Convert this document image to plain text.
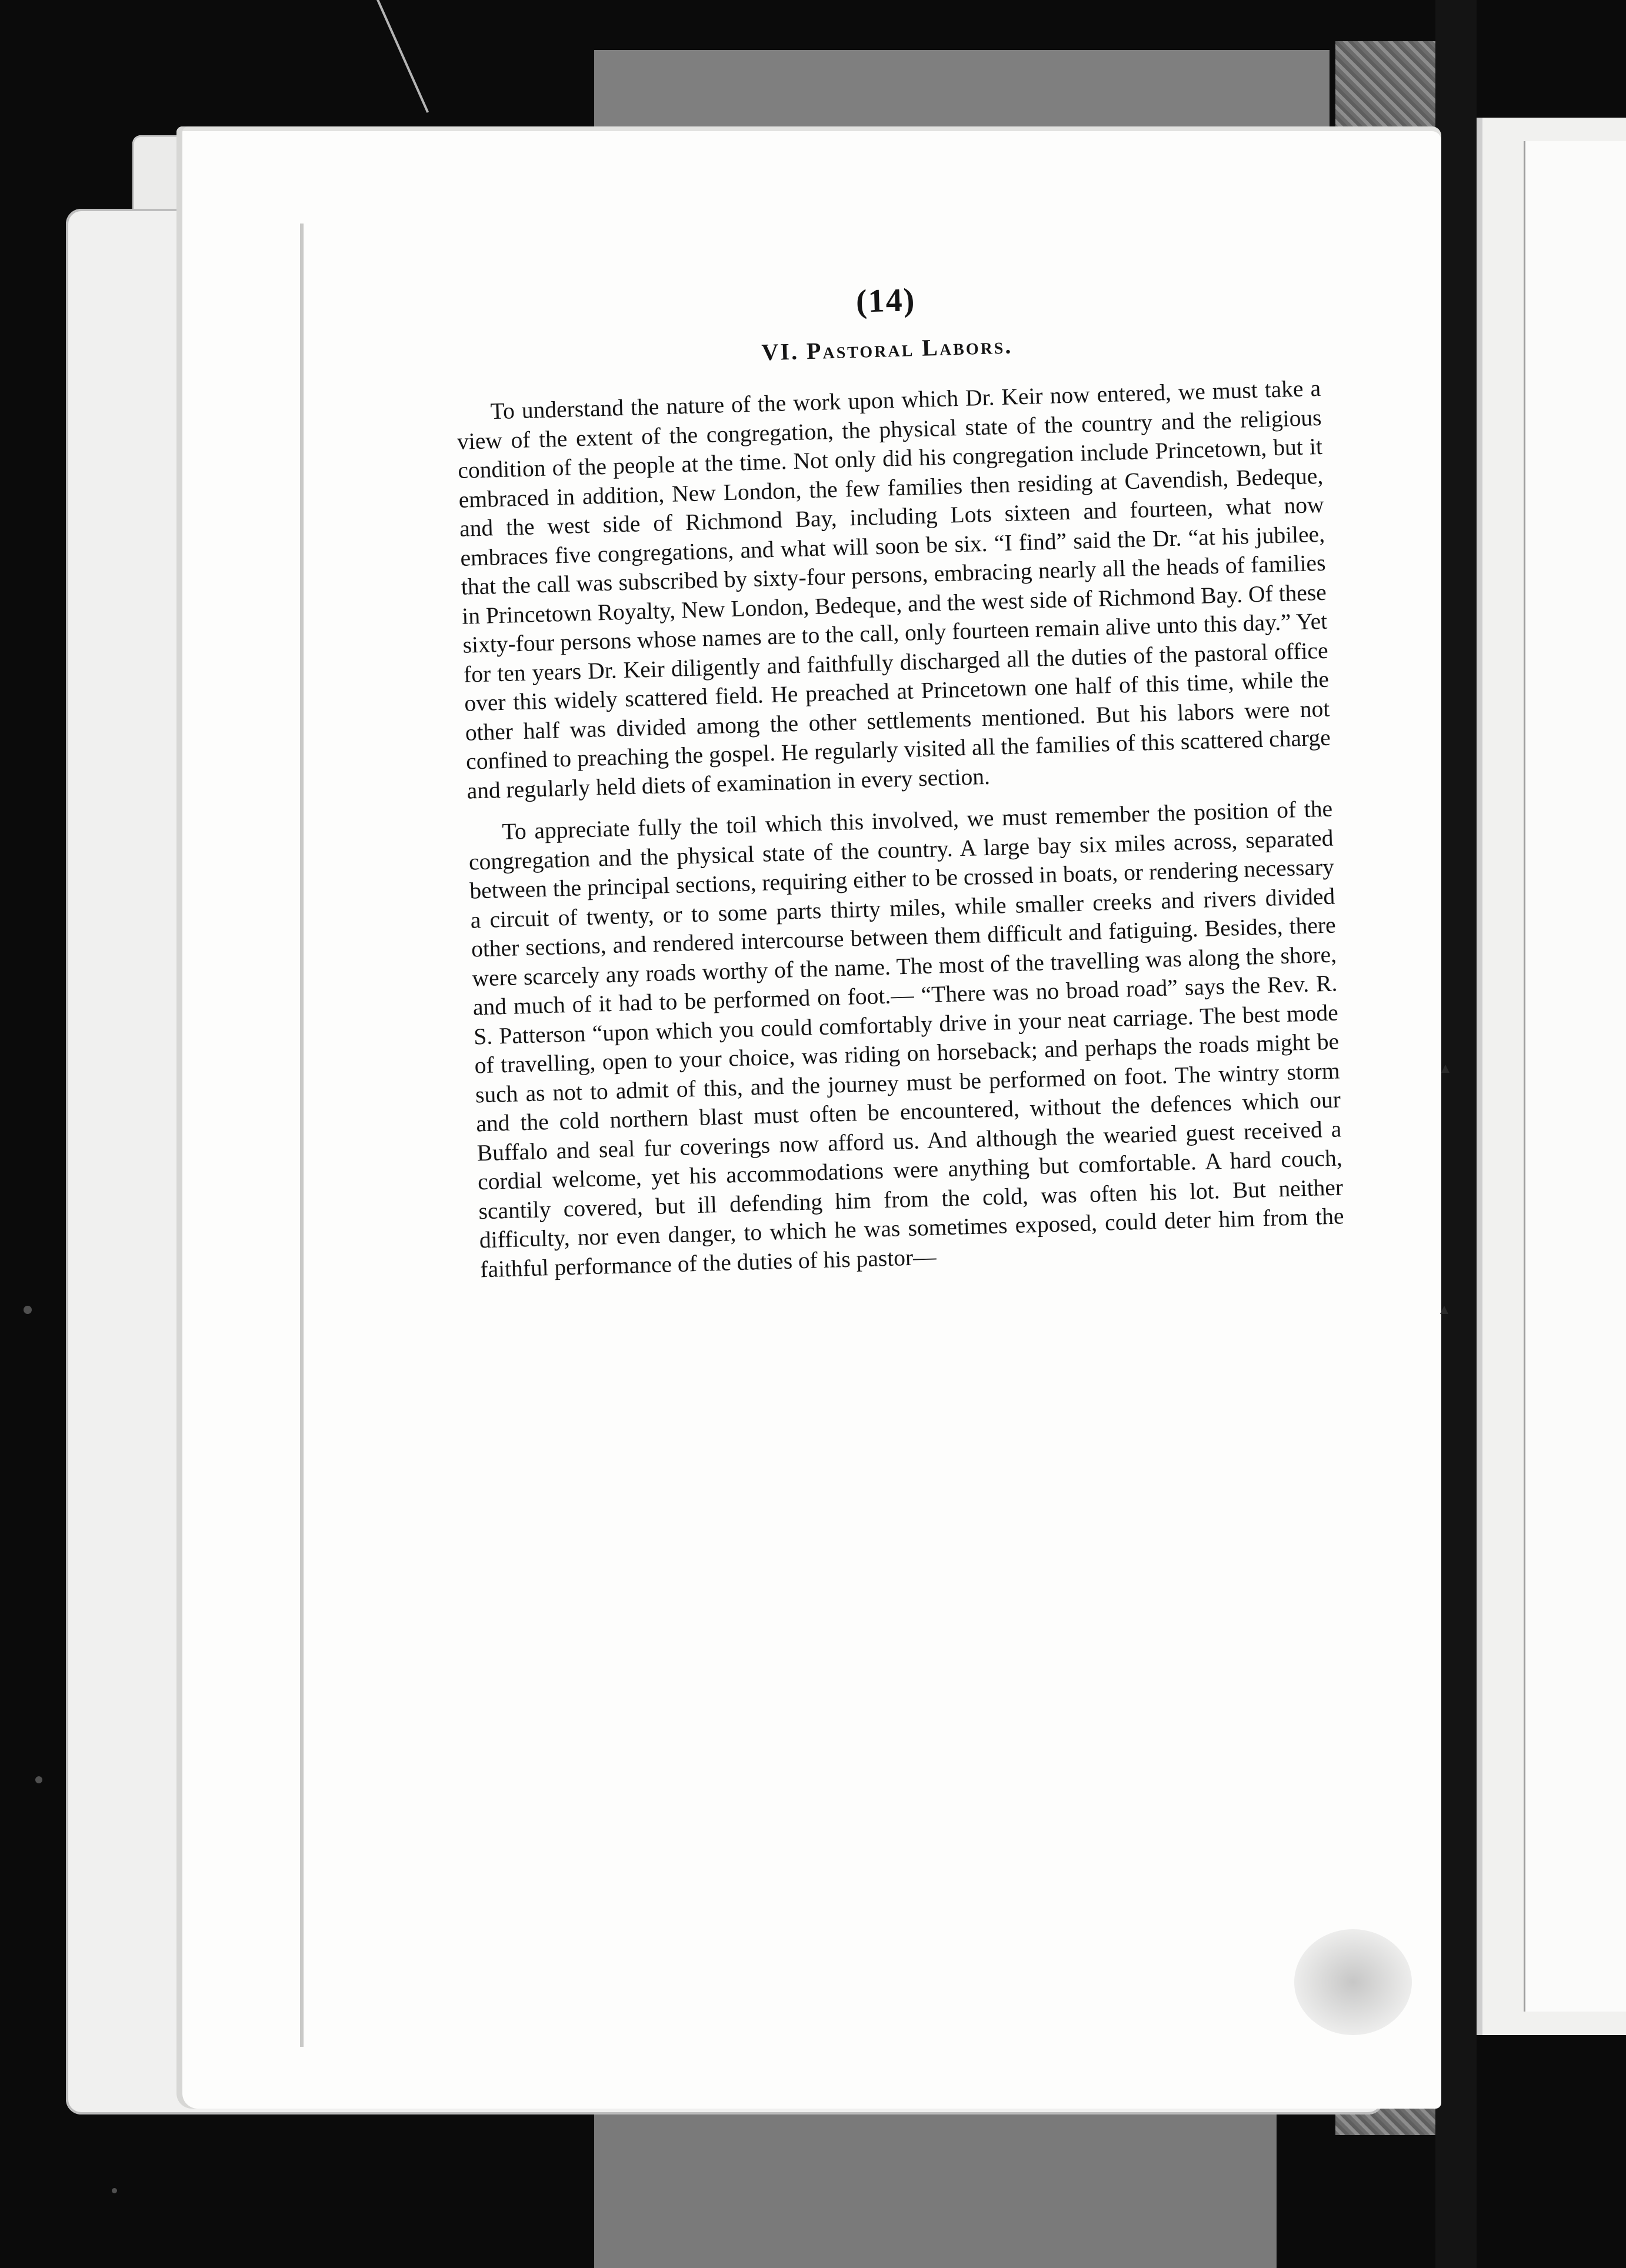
(14)
VI. Pastoral Labors.

To understand the nature of the work upon which Dr. Keir now entered, we must take a view of the extent of the congregation, the physical state of the country and the religious condition of the people at the time. Not only did his congregation include Princetown, but it embraced in addition, New London, the few families then residing at Cavendish, Bedeque, and the west side of Richmond Bay, including Lots sixteen and fourteen, what now embraces five congregations, and what will soon be six. “I find” said the Dr. “at his jubilee, that the call was subscribed by sixty-four persons, embracing nearly all the heads of families in Princetown Royalty, New London, Bedeque, and the west side of Richmond Bay. Of these sixty-four persons whose names are to the call, only fourteen remain alive unto this day.” Yet for ten years Dr. Keir diligently and faithfully discharged all the duties of the pastoral office over this widely scattered field. He preached at Princetown one half of this time, while the other half was divided among the other settlements mentioned. But his labors were not confined to preaching the gospel. He regularly visited all the families of this scattered charge and regularly held diets of examination in every section.

To appreciate fully the toil which this involved, we must remember the position of the congregation and the physical state of the country. A large bay six miles across, separated between the principal sections, requiring either to be crossed in boats, or rendering necessary a circuit of twenty, or to some parts thirty miles, while smaller creeks and rivers divided other sections, and rendered intercourse between them difficult and fatiguing. Besides, there were scarcely any roads worthy of the name. The most of the travelling was along the shore, and much of it had to be performed on foot.— “There was no broad road” says the Rev. R. S. Patterson “upon which you could comfortably drive in your neat carriage. The best mode of travelling, open to your choice, was riding on horseback; and perhaps the roads might be such as not to admit of this, and the journey must be performed on foot. The wintry storm and the cold northern blast must often be encountered, without the defences which our Buffalo and seal fur coverings now afford us. And although the wearied guest received a cordial welcome, yet his accommodations were anything but comfortable. A hard couch, scantily covered, but ill defending him from the cold, was often his lot. But neither difficulty, nor even danger, to which he was sometimes exposed, could deter him from the faithful performance of the duties of his pastor—
